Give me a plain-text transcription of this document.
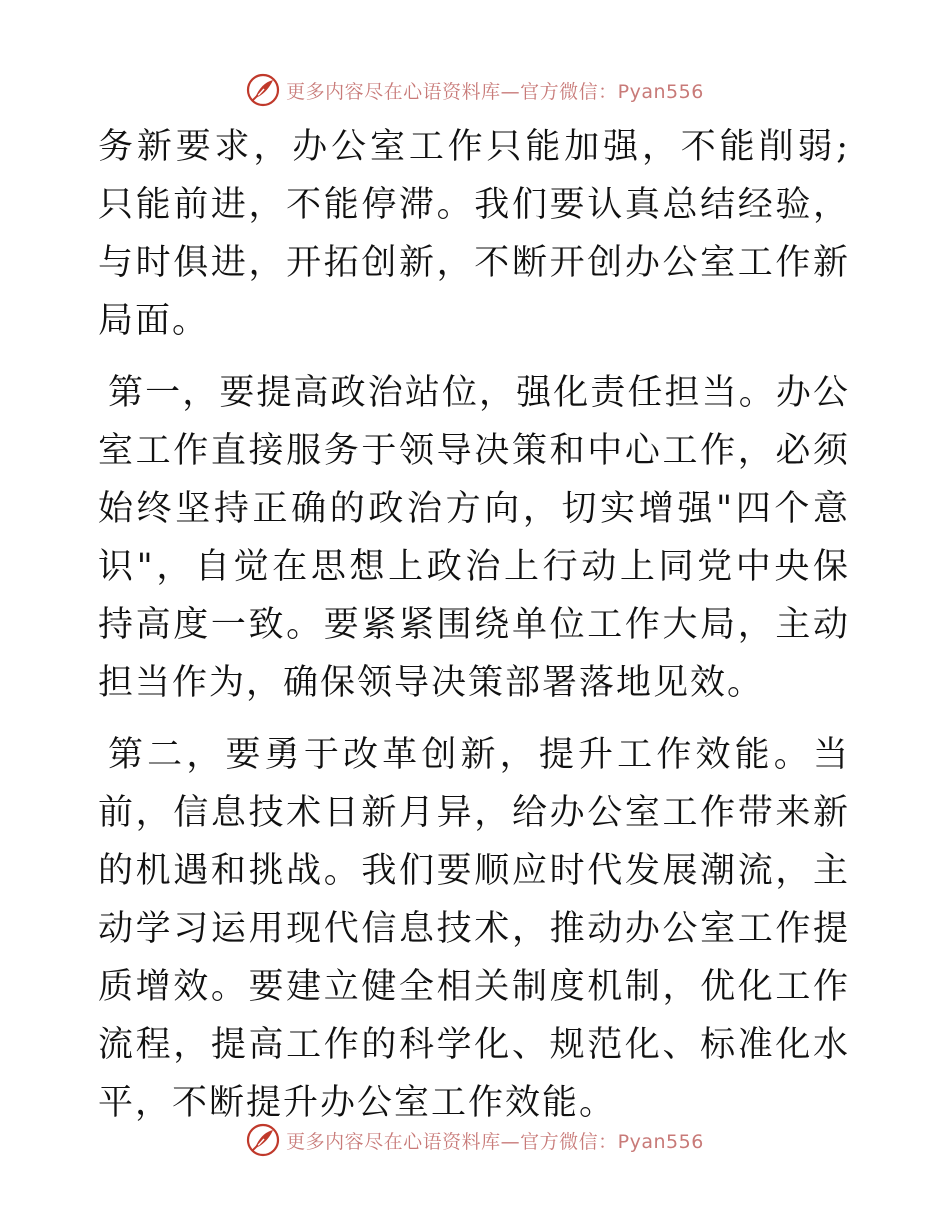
更多内容尽在心语资料库—官方微信：Pyan556

务新要求，办公室工作只能加强，不能削弱;只能前进，不能停滞。我们要认真总结经验，与时俱进，开拓创新，不断开创办公室工作新局面。

第一，要提高政治站位，强化责任担当。办公室工作直接服务于领导决策和中心工作，必须始终坚持正确的政治方向，切实增强"四个意识"，自觉在思想上政治上行动上同党中央保持高度一致。要紧紧围绕单位工作大局，主动担当作为，确保领导决策部署落地见效。

第二，要勇于改革创新，提升工作效能。当前，信息技术日新月异，给办公室工作带来新的机遇和挑战。我们要顺应时代发展潮流，主动学习运用现代信息技术，推动办公室工作提质增效。要建立健全相关制度机制，优化工作流程，提高工作的科学化、规范化、标准化水平，不断提升办公室工作效能。

更多内容尽在心语资料库—官方微信：Pyan556
